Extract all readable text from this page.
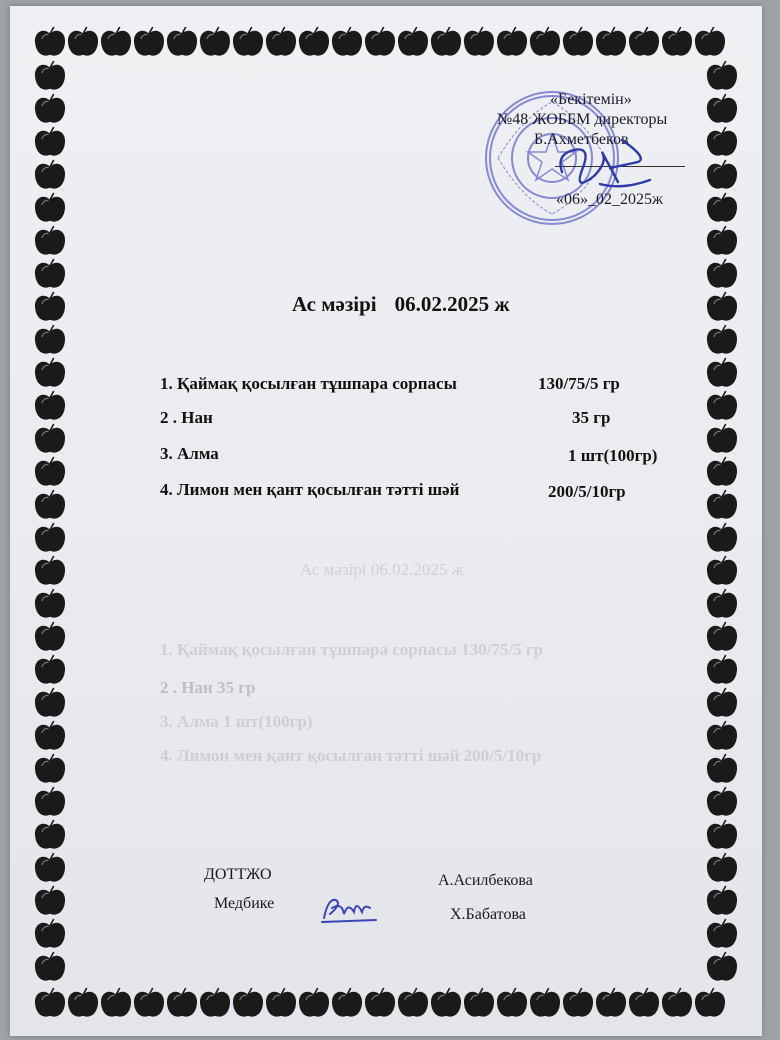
Ас мәзірі 06.02.2025 ж
1. Қаймақ қосылған тұшпара сорпасы 130/75/5 гр
2 . Нан 35 гр
3. Алма 1 шт(100гр)
4. Лимон мен қант қосылған тәтті шәй 200/5/10гр
«Бекітемін»
№48 ЖОББМ директоры
Б.Ахметбеков
«06»_02_2025ж
Ас мәзірі 06.02.2025 ж
1. Қаймақ қосылған тұшпара сорпасы	130/75/5 гр
2 . Нан	35 гр
3. Алма	1 шт(100гр)
4. Лимон мен қант қосылған тәтті шәй	200/5/10гр
ДОТТЖО	А.Асилбекова
Медбике
Х.Бабатова
